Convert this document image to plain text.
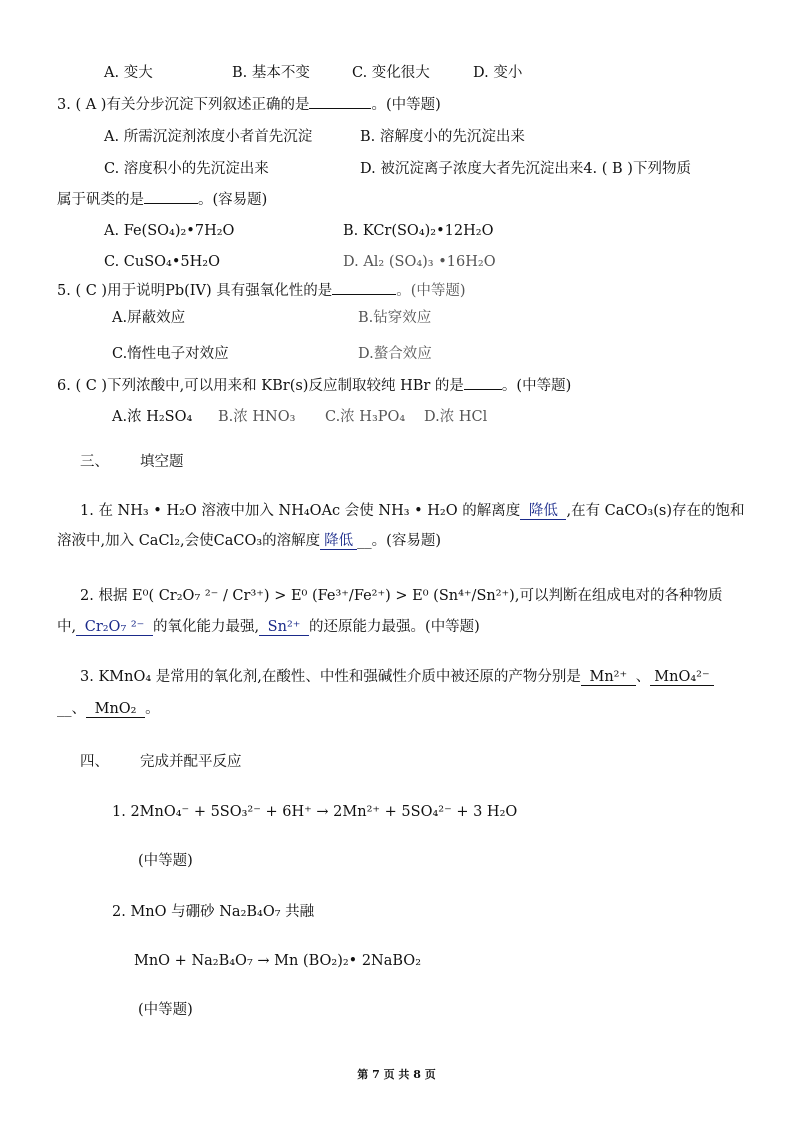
A. 变大	B. 基本不变	C. 变化很大	D. 变小
3. ( A )有关分步沉淀下列叙述正确的是	。(中等题)
A. 所需沉淀剂浓度小者首先沉淀	B. 溶解度小的先沉淀出来
C. 溶度积小的先沉淀出来	D. 被沉淀离子浓度大者先沉淀出来4. ( B )下列物质
属于矾类的是	。(容易题)
A. Fe(SO₄)₂•7H₂O	B. KCr(SO₄)₂•12H₂O
C. CuSO₄•5H₂O	D. Al₂ (SO₄)₃ •16H₂O
5. ( C )用于说明Pb(IV) 具有强氧化性的是	。(中等题)
A.屏蔽效应	B.钻穿效应
C.惰性电子对效应	D.螯合效应
6. ( C )下列浓酸中,可以用来和 KBr(s)反应制取较纯 HBr 的是	。(中等题)
A.浓 H₂SO₄ B.浓 HNO₃ C.浓 H₃PO₄ D.浓 HCl
三、 填空题
1. 在 NH₃ • H₂O 溶液中加入 NH₄OAc 会使 NH₃ • H₂O 的解离度 降低 ,在有 CaCO₃(s)存在的饱和
溶液中,加入 CaCl₂,会使CaCO₃的溶解度 降低 __。(容易题)
2. 根据 E⁰( Cr₂O₇ ²⁻ / Cr³⁺) > E⁰ (Fe³⁺/Fe²⁺) > E⁰ (Sn⁴⁺/Sn²⁺),可以判断在组成电对的各种物质
中, Cr₂O₇ ²⁻ 的氧化能力最强, Sn²⁺ 的还原能力最强。(中等题)
3. KMnO₄ 是常用的氧化剂,在酸性、中性和强碱性介质中被还原的产物分别是 Mn²⁺ 、 MnO₄²⁻
__、 MnO₂ 。
四、 完成并配平反应
1. 2MnO₄⁻ + 5SO₃²⁻ + 6H⁺ → 2Mn²⁺ + 5SO₄²⁻ + 3 H₂O
(中等题)
2. MnO 与硼砂 Na₂B₄O₇ 共融
MnO + Na₂B₄O₇ → Mn (BO₂)₂• 2NaBO₂
(中等题)
第 7 页 共 8 页
